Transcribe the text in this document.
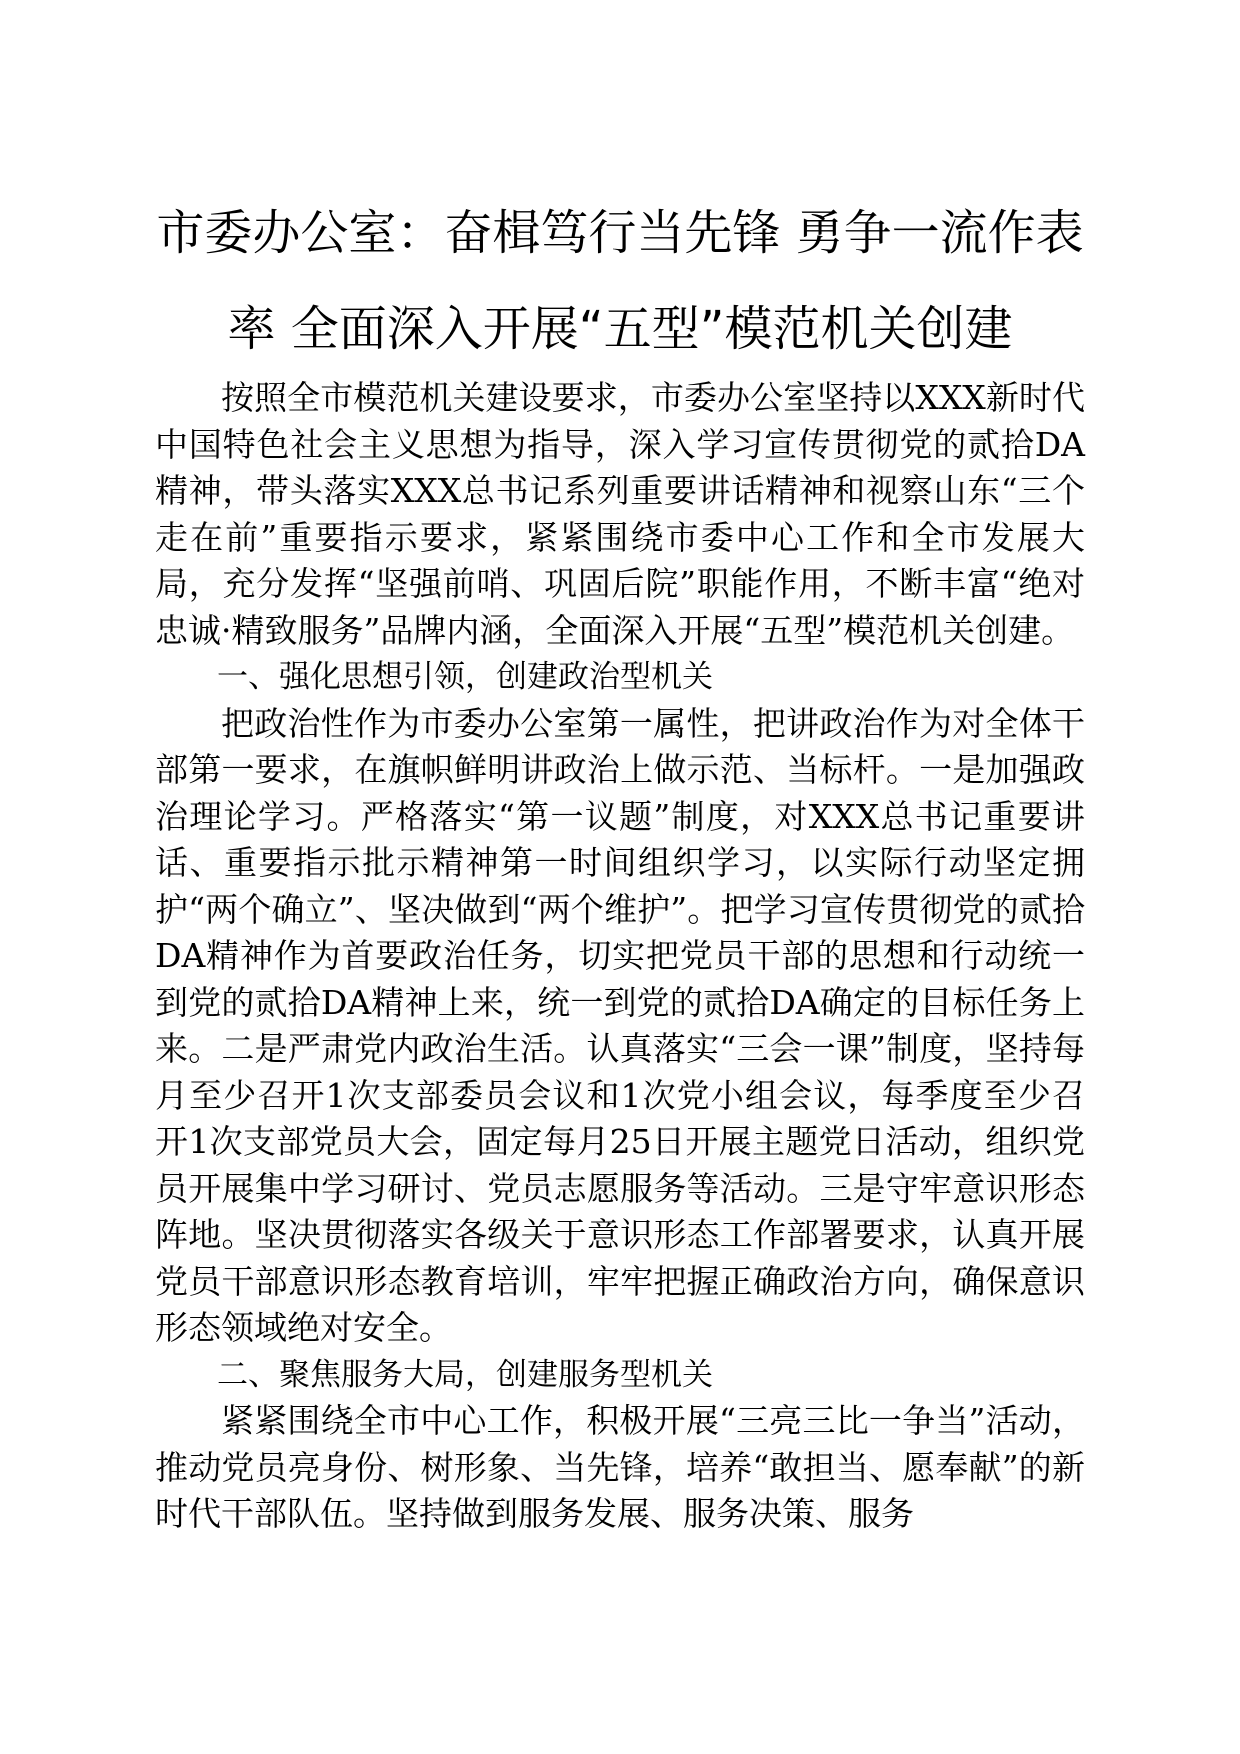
市委办公室：奋楫笃行当先锋 勇争一流作表
率 全面深入开展“五型”模范机关创建

按照全市模范机关建设要求，市委办公室坚持以XXX新时代中国特色社会主义思想为指导，深入学习宣传贯彻党的贰拾DA精神，带头落实XXX总书记系列重要讲话精神和视察山东“三个走在前”重要指示要求，紧紧围绕市委中心工作和全市发展大局，充分发挥“坚强前哨、巩固后院”职能作用，不断丰富“绝对忠诚·精致服务”品牌内涵，全面深入开展“五型”模范机关创建。

一、强化思想引领，创建政治型机关

把政治性作为市委办公室第一属性，把讲政治作为对全体干部第一要求，在旗帜鲜明讲政治上做示范、当标杆。一是加强政治理论学习。严格落实“第一议题”制度，对XXX总书记重要讲话、重要指示批示精神第一时间组织学习，以实际行动坚定拥护“两个确立”、坚决做到“两个维护”。把学习宣传贯彻党的贰拾DA精神作为首要政治任务，切实把党员干部的思想和行动统一到党的贰拾DA精神上来，统一到党的贰拾DA确定的目标任务上来。二是严肃党内政治生活。认真落实“三会一课”制度，坚持每月至少召开1次支部委员会议和1次党小组会议，每季度至少召开1次支部党员大会，固定每月25日开展主题党日活动，组织党员开展集中学习研讨、党员志愿服务等活动。三是守牢意识形态阵地。坚决贯彻落实各级关于意识形态工作部署要求，认真开展党员干部意识形态教育培训，牢牢把握正确政治方向，确保意识形态领域绝对安全。

二、聚焦服务大局，创建服务型机关

紧紧围绕全市中心工作，积极开展“三亮三比一争当”活动，推动党员亮身份、树形象、当先锋，培养“敢担当、愿奉献”的新时代干部队伍。坚持做到服务发展、服务决策、服务
